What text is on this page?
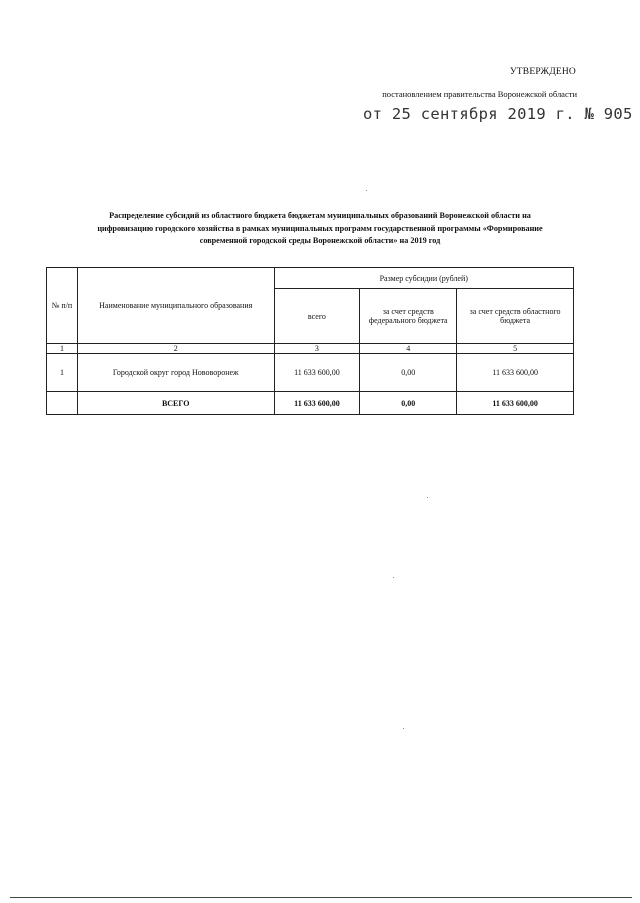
УТВЕРЖДЕНО
постановлением правительства Воронежской области
от 25 сентября 2019 г. № 905
Распределение субсидий из областного бюджета бюджетам муниципальных образований Воронежской области на
цифровизацию городского хозяйства в рамках муниципальных программ государственной программы «Формирование
современной городской среды Воронежской области» на 2019 год
№ п/п	Наименование муниципального образования	Размер субсидии (рублей)		
		всего	за счет средств федерального бюджета	за счет средств областного бюджета
1	2	3	4	5
1	Городской округ город Нововоронеж	11 633 600,00	0,00	11 633 600,00
	ВСЕГО	11 633 600,00	0,00	11 633 600,00
